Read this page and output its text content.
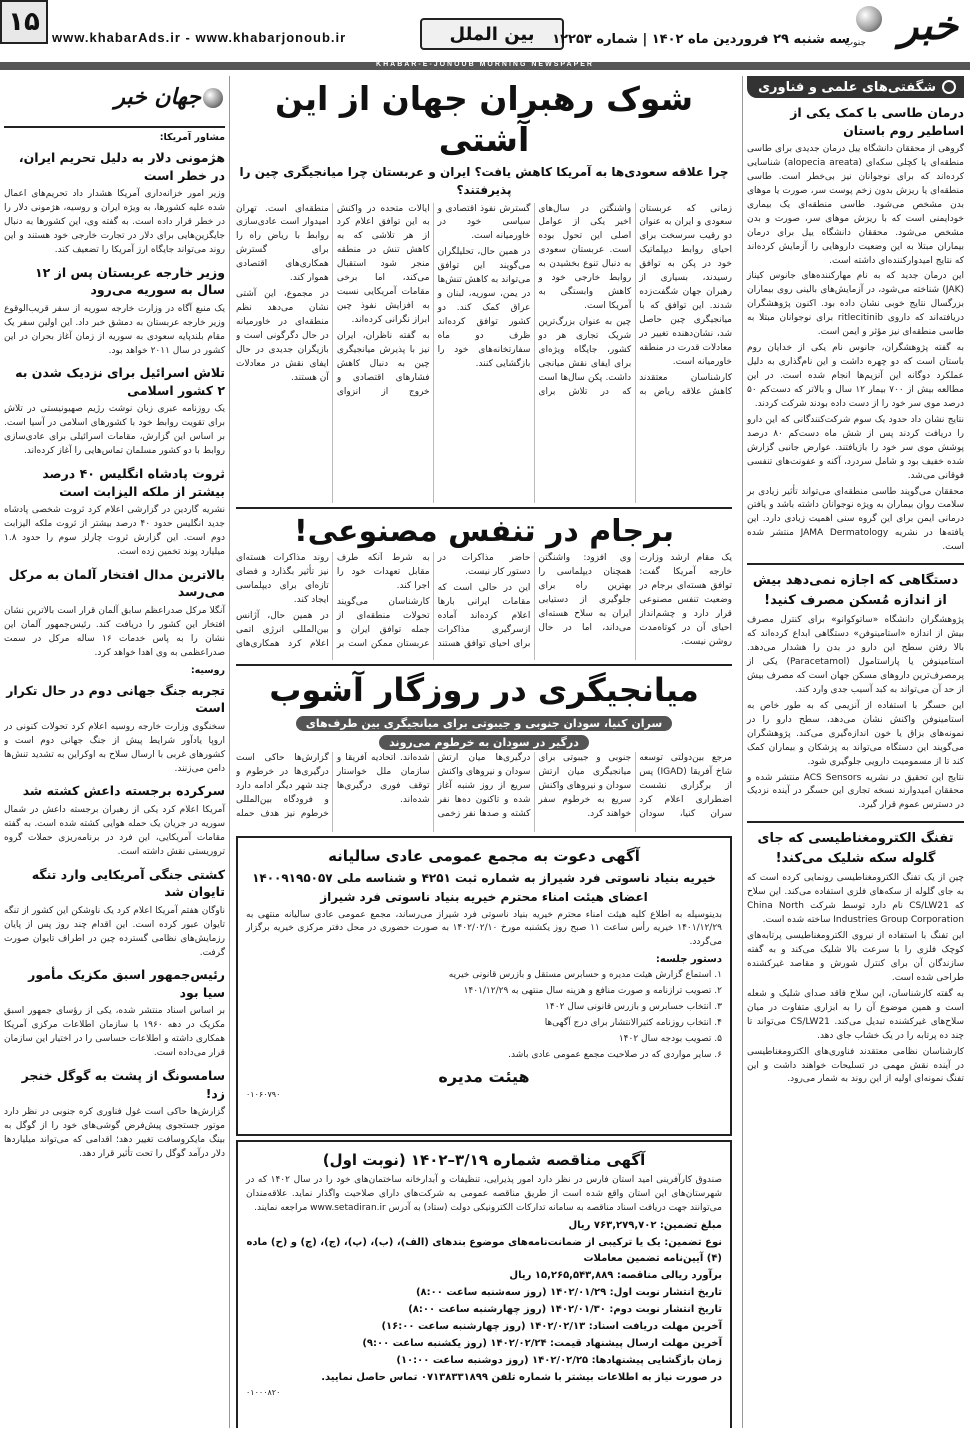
۱۵
www.khabarAds.ir - www.khabarjonoub.ir	بین الملل	سه شنبه ۲۹ فروردین ماه ۱۴۰۲ | شماره ۱۲۲۵۳ خبر
جنوب
KHABAR-E-JONOUB MORNING NEWSPAPER
شگفتی‌های علمی و فناوری
درمان طاسی با کمک یکی از اساطیر روم باستان

گروهی از محققان دانشگاه ییل درمان جدیدی برای طاسی منطقه‌ای یا کچلی سکه‌ای (alopecia areata) شناسایی کرده‌اند که برای نوجوانان نیز بی‌خطر است. طاسی منطقه‌ای یا ریزش بدون زخم پوست سر، صورت یا موهای بدن مشخص می‌شود. طاسی منطقه‌ای یک بیماری خودایمنی است که با ریزش موهای سر، صورت و بدن مشخص می‌شود. محققان دانشگاه ییل برای درمان بیماران مبتلا به این وضعیت داروهایی را آزمایش کرده‌اند که نتایج امیدوارکننده‌ای داشته است.

این درمان جدید که به نام مهارکننده‌های جانوس کیناز (JAK) شناخته می‌شود، در آزمایش‌های بالینی روی بیماران بزرگسال نتایج خوبی نشان داده بود. اکنون پژوهشگران دریافته‌اند که داروی ritlecitinib برای نوجوانان مبتلا به طاسی منطقه‌ای نیز مؤثر و ایمن است.

به گفته پژوهشگران، جانوس نام یکی از خدایان روم باستان است که دو چهره داشت و این نام‌گذاری به دلیل عملکرد دوگانه این آنزیم‌ها انجام شده است. در این مطالعه بیش از ۷۰۰ بیمار ۱۲ سال و بالاتر که دست‌کم ۵۰ درصد موی سر خود را از دست داده بودند شرکت کردند.

نتایج نشان داد حدود یک سوم شرکت‌کنندگانی که این دارو را دریافت کردند پس از شش ماه دست‌کم ۸۰ درصد پوشش موی سر خود را بازیافتند. عوارض جانبی گزارش شده خفیف بود و شامل سردرد، آکنه و عفونت‌های تنفسی فوقانی می‌شد.

محققان می‌گویند طاسی منطقه‌ای می‌تواند تأثیر زیادی بر سلامت روان بیماران به ویژه نوجوانان داشته باشد و یافتن درمانی ایمن برای این گروه سنی اهمیت زیادی دارد. این یافته‌ها در نشریه JAMA Dermatology منتشر شده است.

دستگاهی که اجازه نمی‌دهد بیش از اندازه مُسکن مصرف کنید!

پژوهشگران دانشگاه «ساتوکوانو» برای کنترل مصرف بیش از اندازه «استامینوفن» دستگاهی ابداع کرده‌اند که بالا رفتن سطح این دارو در بدن را هشدار می‌دهد. استامینوفن یا پاراستامول (Paracetamol) یکی از پرمصرف‌ترین داروهای مسکن جهان است که مصرف بیش از حد آن می‌تواند به کبد آسیب جدی وارد کند.

این حسگر با استفاده از آنزیمی که به طور خاص به استامینوفن واکنش نشان می‌دهد، سطح دارو را در نمونه‌های بزاق یا خون اندازه‌گیری می‌کند. پژوهشگران می‌گویند این دستگاه می‌تواند به پزشکان و بیماران کمک کند تا از مسمومیت دارویی جلوگیری شود.

نتایج این تحقیق در نشریه ACS Sensors منتشر شده و محققان امیدوارند نسخه تجاری این حسگر در آینده نزدیک در دسترس عموم قرار گیرد.

تفنگ الکترومغناطیسی که جای گلوله سکه شلیک می‌کند!

چین از یک تفنگ الکترومغناطیسی رونمایی کرده است که به جای گلوله از سکه‌های فلزی استفاده می‌کند. این سلاح که CS/LW21 نام دارد توسط شرکت China North Industries Group Corporation ساخته شده است.

این تفنگ با استفاده از نیروی الکترومغناطیسی پرتابه‌های کوچک فلزی را با سرعت بالا شلیک می‌کند و به گفته سازندگان آن برای کنترل شورش و مقاصد غیرکشنده طراحی شده است.

به گفته کارشناسان، این سلاح فاقد صدای شلیک و شعله است و همین موضوع آن را به ابزاری متفاوت در میان سلاح‌های غیرکشنده تبدیل می‌کند. CS/LW21 می‌تواند تا چند ده پرتابه را در یک خشاب جای دهد.

کارشناسان نظامی معتقدند فناوری‌های الکترومغناطیسی در آینده نقش مهمی در تسلیحات خواهند داشت و این تفنگ نمونه‌ای اولیه از این روند به شمار می‌رود.

جهان خبر
مشاور آمریکا:
هژمونی دلار به دلیل تحریم ایران، در خطر است

وزیر امور خزانه‌داری آمریکا هشدار داد تحریم‌های اعمال شده علیه کشورها، به ویژه ایران و روسیه، هژمونی دلار را در خطر قرار داده است. به گفته وی، این کشورها به دنبال جایگزین‌هایی برای دلار در تجارت خارجی خود هستند و این روند می‌تواند جایگاه ارز آمریکا را تضعیف کند.

وزیر خارجه عربستان پس از ۱۲ سال به سوریه می‌رود

یک منبع آگاه در وزارت خارجه سوریه از سفر قریب‌الوقوع وزیر خارجه عربستان به دمشق خبر داد. این اولین سفر یک مقام بلندپایه سعودی به سوریه از زمان آغاز بحران در این کشور در سال ۲۰۱۱ خواهد بود.

تلاش اسرائیل برای نزدیک شدن به ۲ کشور اسلامی

یک روزنامه عبری زبان نوشت رژیم صهیونیستی در تلاش برای تقویت روابط خود با کشورهای اسلامی در آسیا است. بر اساس این گزارش، مقامات اسرائیلی برای عادی‌سازی روابط با دو کشور مسلمان تماس‌هایی را آغاز کرده‌اند.

ثروت پادشاه انگلیس ۴۰ درصد بیشتر از ملکه الیزابت است

نشریه گاردین در گزارشی اعلام کرد ثروت شخصی پادشاه جدید انگلیس حدود ۴۰ درصد بیشتر از ثروت ملکه الیزابت دوم است. این گزارش ثروت چارلز سوم را حدود ۱.۸ میلیارد پوند تخمین زده است.

بالاترین مدال افتخار آلمان به مرکل می‌رسد

آنگلا مرکل صدراعظم سابق آلمان قرار است بالاترین نشان افتخار این کشور را دریافت کند. رئیس‌جمهور آلمان این نشان را به پاس خدمات ۱۶ ساله مرکل در سمت صدراعظمی به وی اهدا خواهد کرد.

روسیه:
تجربه جنگ جهانی دوم در حال تکرار است

سخنگوی وزارت خارجه روسیه اعلام کرد تحولات کنونی در اروپا یادآور شرایط پیش از جنگ جهانی دوم است و کشورهای غربی با ارسال سلاح به اوکراین به تشدید تنش‌ها دامن می‌زنند.

سرکرده برجسته داعش کشته شد

آمریکا اعلام کرد یکی از رهبران برجسته داعش در شمال سوریه در جریان یک حمله هوایی کشته شده است. به گفته مقامات آمریکایی، این فرد در برنامه‌ریزی حملات گروه تروریستی نقش داشته است.

کشتی جنگی آمریکایی وارد تنگه تایوان شد

ناوگان هفتم آمریکا اعلام کرد یک ناوشکن این کشور از تنگه تایوان عبور کرده است. این اقدام چند روز پس از پایان رزمایش‌های نظامی گسترده چین در اطراف تایوان صورت گرفت.

رئیس‌جمهور اسبق مکزیک مأمور سیا بود

بر اساس اسناد منتشر شده، یکی از رؤسای جمهور اسبق مکزیک در دهه ۱۹۶۰ با سازمان اطلاعات مرکزی آمریکا همکاری داشته و اطلاعات حساسی را در اختیار این سازمان قرار می‌داده است.

سامسونگ از پشت به گوگل خنجر زد!

گزارش‌ها حاکی است غول فناوری کره جنوبی در نظر دارد موتور جستجوی پیش‌فرض گوشی‌های خود را از گوگل به بینگ مایکروسافت تغییر دهد؛ اقدامی که می‌تواند میلیاردها دلار درآمد گوگل را تحت تأثیر قرار دهد.

شوک رهبران جهان از این آشتی
چرا علاقه سعودی‌ها به آمریکا کاهش یافت؟ ایران و عربستان چرا میانجیگری چین را پذیرفتند؟

زمانی که عربستان سعودی و ایران به عنوان دو رقیب سرسخت برای احیای روابط دیپلماتیک خود در پکن به توافق رسیدند، بسیاری از رهبران جهان شگفت‌زده شدند. این توافق که با میانجیگری چین حاصل شد، نشان‌دهنده تغییر در معادلات قدرت در منطقه خاورمیانه است.

کارشناسان معتقدند کاهش علاقه ریاض به واشنگتن در سال‌های اخیر یکی از عوامل اصلی این تحول بوده است. عربستان سعودی به دنبال تنوع بخشیدن به روابط خارجی خود و کاهش وابستگی به آمریکا است.

چین به عنوان بزرگ‌ترین شریک تجاری هر دو کشور، جایگاه ویژه‌ای برای ایفای نقش میانجی داشت. پکن سال‌ها است که در تلاش برای گسترش نفوذ اقتصادی و سیاسی خود در خاورمیانه است.

در همین حال، تحلیلگران می‌گویند این توافق می‌تواند به کاهش تنش‌ها در یمن، سوریه، لبنان و عراق کمک کند. دو کشور توافق کرده‌اند ظرف دو ماه سفارتخانه‌های خود را بازگشایی کنند.

ایالات متحده در واکنش به این توافق اعلام کرد از هر تلاشی که به کاهش تنش در منطقه منجر شود استقبال می‌کند، اما برخی مقامات آمریکایی نسبت به افزایش نفوذ چین ابراز نگرانی کرده‌اند.

به گفته ناظران، ایران نیز با پذیرش میانجیگری چین به دنبال کاهش فشارهای اقتصادی و خروج از انزوای منطقه‌ای است. تهران امیدوار است عادی‌سازی روابط با ریاض راه را برای گسترش همکاری‌های اقتصادی هموار کند.

در مجموع، این آشتی نشان می‌دهد نظم منطقه‌ای در خاورمیانه در حال دگرگونی است و بازیگران جدیدی در حال ایفای نقش در معادلات آن هستند.

برجام در تنفس مصنوعی!

یک مقام ارشد وزارت خارجه آمریکا گفت: توافق هسته‌ای برجام در وضعیت تنفس مصنوعی قرار دارد و چشم‌انداز احیای آن در کوتاه‌مدت روشن نیست.

وی افزود: واشنگتن همچنان دیپلماسی را بهترین راه برای جلوگیری از دستیابی ایران به سلاح هسته‌ای می‌داند، اما در حال حاضر مذاکرات در دستور کار نیست.

این در حالی است که مقامات ایرانی بارها اعلام کرده‌اند آماده ازسرگیری مذاکرات برای احیای توافق هستند به شرط آنکه طرف مقابل تعهدات خود را اجرا کند.

کارشناسان می‌گویند تحولات منطقه‌ای از جمله توافق ایران و عربستان ممکن است بر روند مذاکرات هسته‌ای نیز تأثیر بگذارد و فضای تازه‌ای برای دیپلماسی ایجاد کند.

در همین حال، آژانس بین‌المللی انرژی اتمی اعلام کرد همکاری‌های

میانجیگری در روزگار آشوب
سران کنیا، سودان جنوبی و جیبوتی برای میانجیگری بین طرف‌های
درگیر در سودان به خرطوم می‌روند

مرجع بین‌دولتی توسعه شاخ آفریقا (IGAD) پس از برگزاری نشست اضطراری اعلام کرد سران کنیا، سودان جنوبی و جیبوتی برای میانجیگری میان ارتش سودان و نیروهای واکنش سریع به خرطوم سفر خواهند کرد.

درگیری‌ها میان ارتش سودان و نیروهای واکنش سریع از روز شنبه آغاز شده و تاکنون ده‌ها نفر کشته و صدها نفر زخمی شده‌اند. اتحادیه آفریقا و سازمان ملل خواستار توقف فوری درگیری‌ها شده‌اند.

گزارش‌ها حاکی است درگیری‌ها در خرطوم و چند شهر دیگر ادامه دارد و فرودگاه بین‌المللی خرطوم نیز هدف حمله

آگهی دعوت به مجمع عمومی عادی سالیانه
خیریه بنیاد ناسوتی فرد شیراز به شماره ثبت ۴۲۵۱ و شناسه ملی ۱۴۰۰۹۱۹۵۰۵۷
اعضای هیئت امناء محترم خیریه بنیاد ناسوتی فرد شیراز

بدینوسیله به اطلاع کلیه هیئت امناء محترم خیریه بنیاد ناسوتی فرد شیراز می‌رساند، مجمع عمومی عادی سالیانه منتهی به ۱۴۰۱/۱۲/۲۹ خیریه رأس ساعت ۱۱ صبح روز یکشنبه مورخ ۱۴۰۲/۰۲/۱۰ به صورت حضوری در محل دفتر مرکزی خیریه برگزار می‌گردد.

دستور جلسه:
۱. استماع گزارش هیئت مدیره و حسابرس مستقل و بازرس قانونی خیریه
۲. تصویب ترازنامه و صورت منافع و هزینه سال منتهی به ۱۴۰۱/۱۲/۲۹
۳. انتخاب حسابرس و بازرس قانونی سال ۱۴۰۲
۴. انتخاب روزنامه کثیرالانتشار برای درج آگهی‌ها
۵. تصویب بودجه سال ۱۴۰۲
۶. سایر مواردی که در صلاحیت مجمع عمومی عادی باشد.
هیئت مدیره
۰۱۰۶۰۷۹۰
آگهی مناقصه شماره ۳/۱۹–۱۴۰۲ (نوبت اول)

صندوق کارآفرینی امید استان فارس در نظر دارد امور پذیرایی، تنظیفات و آبدارخانه ساختمان‌های خود را در سال ۱۴۰۲ که در شهرستان‌های این استان واقع شده است از طریق مناقصه عمومی به شرکت‌های دارای صلاحیت واگذار نماید. علاقه‌مندان می‌توانند جهت دریافت اسناد مناقصه به سامانه تدارکات الکترونیکی دولت (ستاد) به آدرس www.setadiran.ir مراجعه نمایند.

مبلغ تضمین: ۷۶۳,۲۷۹,۷۰۲ ریال
نوع تضمین: یک یا ترکیبی از ضمانت‌نامه‌های موضوع بندهای (الف)، (ب)، (پ)، (ج)، (چ) و (ح) ماده (۴) آیین‌نامه تضمین معاملات
برآورد ریالی مناقصه: ۱۵,۲۶۵,۵۴۳,۸۸۹ ریال
تاریخ انتشار نوبت اول: ۱۴۰۲/۰۱/۲۹ (روز سه‌شنبه ساعت ۸:۰۰)
تاریخ انتشار نوبت دوم: ۱۴۰۲/۰۱/۳۰ (روز چهارشنبه ساعت ۸:۰۰)
آخرین مهلت دریافت اسناد: ۱۴۰۲/۰۲/۱۳ (روز چهارشنبه ساعت ۱۶:۰۰)
آخرین مهلت ارسال پیشنهاد قیمت: ۱۴۰۲/۰۲/۲۴ (روز یکشنبه ساعت ۹:۰۰)
زمان بازگشایی پیشنهادها: ۱۴۰۲/۰۲/۲۵ (روز دوشنبه ساعت ۱۰:۰۰)
در صورت نیاز به اطلاعات بیشتر با شماره تلفن ۰۷۱۳۸۳۳۱۸۹۹ تماس حاصل نمایید.
۰۱۰۰۰۸۲۰
